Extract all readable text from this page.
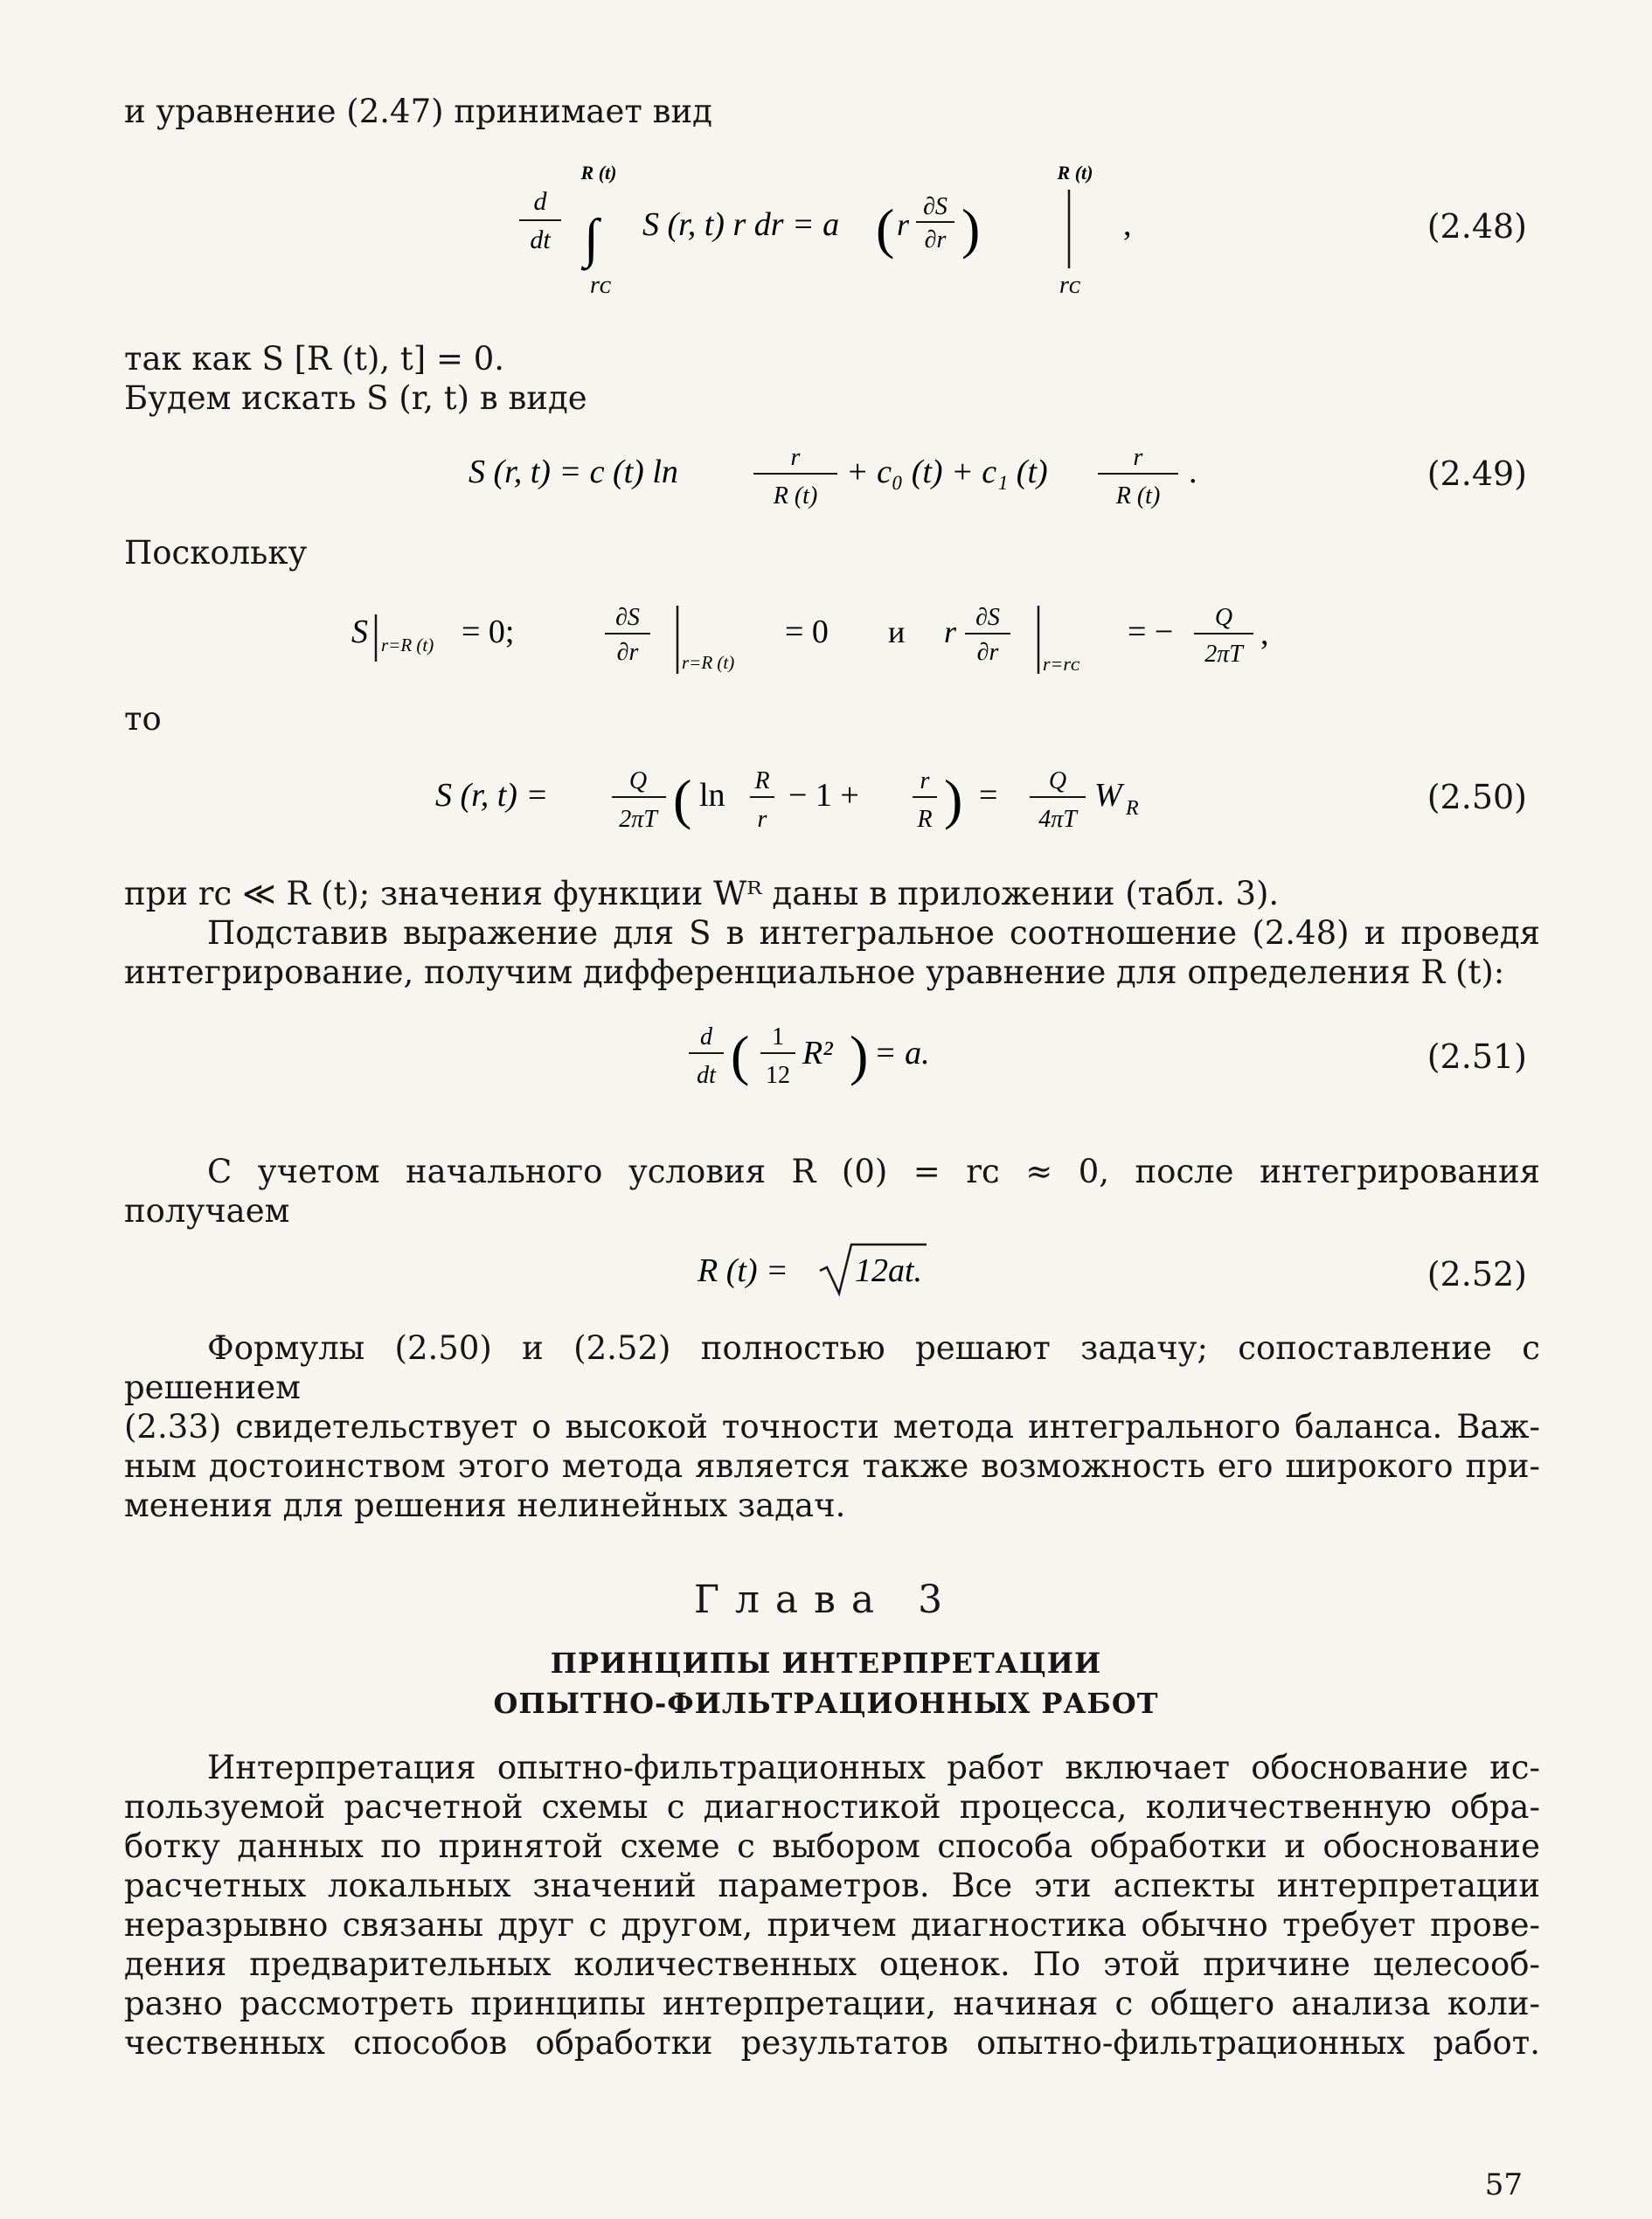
и уравнение (2.47) принимает вид
d
dt
R (t)
∫
rᴄ
S (r, t) r dr = a ( r
∂S
∂r )
R (t)
rᴄ
,	(2.48)
так как S [R (t), t] = 0.
Будем искать S (r, t) в виде
S (r, t) = c (t) ln	r
R (t)
+ c₀ (t) + c₁ (t)	r
R (t)
.	(2.49)
Поскольку
S r=R (t) = 0;	∂S
∂r r=R (t)
= 0 и r ∂S
∂r r=rᴄ
= − Q
2πT
,
то
S (r, t) =	Q
2πT ( ln R
r
− 1 + r
R ) = Q
4πT
W R	(2.50)
при rᴄ ≪ R (t); значения функции Wᴿ даны в приложении (табл. 3).
Подставив выражение для S в интегральное соотношение (2.48) и проведя
интегрирование, получим дифференциальное уравнение для определения R (t):
d
dt ( 1
12
R² ) = a.	(2.51)
С учетом начального условия R (0) = rᴄ ≈ 0, после интегрирования
получаем
R (t) = 12at.	(2.52)
Формулы (2.50) и (2.52) полностью решают задачу; сопоставление с решением
(2.33) свидетельствует о высокой точности метода интегрального баланса. Важ-
ным достоинством этого метода является также возможность его широкого при-
менения для решения нелинейных задач.
Глава 3
ПРИНЦИПЫ ИНТЕРПРЕТАЦИИ
ОПЫТНО-ФИЛЬТРАЦИОННЫХ РАБОТ
Интерпретация опытно-фильтрационных работ включает обоснование ис-
пользуемой расчетной схемы с диагностикой процесса, количественную обра-
ботку данных по принятой схеме с выбором способа обработки и обоснование
расчетных локальных значений параметров. Все эти аспекты интерпретации
неразрывно связаны друг с другом, причем диагностика обычно требует прове-
дения предварительных количественных оценок. По этой причине целесооб-
разно рассмотреть принципы интерпретации, начиная с общего анализа коли-
чественных способов обработки результатов опытно-фильтрационных работ.
57
